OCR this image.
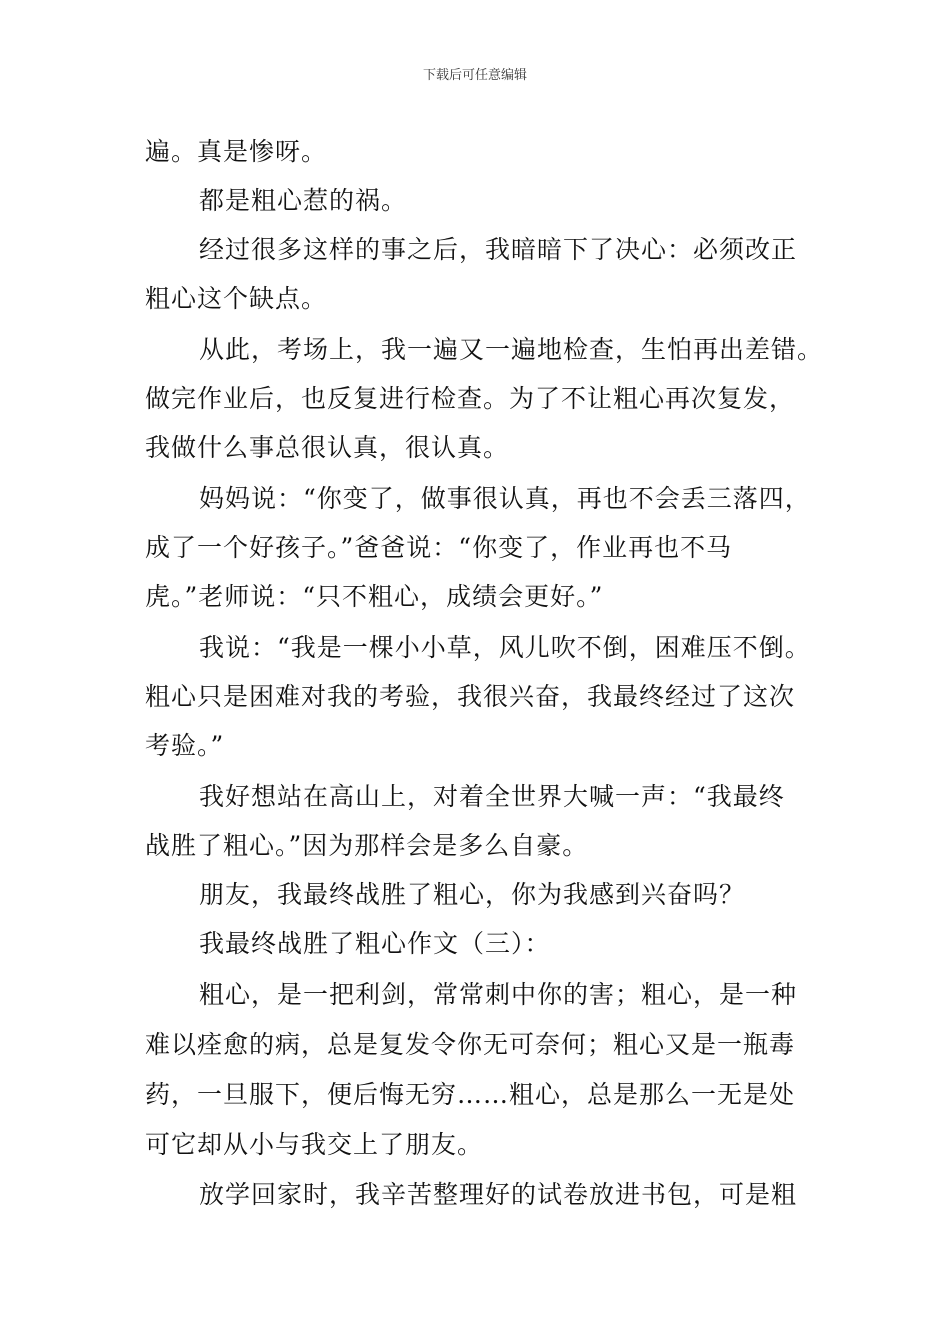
下载后可任意编辑
遍。真是惨呀。
都是粗心惹的祸。
经过很多这样的事之后，我暗暗下了决心：必须改正
粗心这个缺点。
从此，考场上，我一遍又一遍地检查，生怕再出差错。
做完作业后，也反复进行检查。为了不让粗心再次复发，
我做什么事总很认真，很认真。
妈妈说：“你变了，做事很认真，再也不会丢三落四，
成了一个好孩子。”爸爸说：“你变了，作业再也不马
虎。”老师说：“只不粗心，成绩会更好。”
我说：“我是一棵小小草，风儿吹不倒，困难压不倒。
粗心只是困难对我的考验，我很兴奋，我最终经过了这次
考验。”
我好想站在高山上，对着全世界大喊一声：“我最终
战胜了粗心。”因为那样会是多么自豪。
朋友，我最终战胜了粗心，你为我感到兴奋吗？
我最终战胜了粗心作文（三）：
粗心，是一把利剑，常常刺中你的害；粗心，是一种
难以痊愈的病，总是复发令你无可奈何；粗心又是一瓶毒
药，一旦服下，便后悔无穷……粗心，总是那么一无是处
可它却从小与我交上了朋友。
放学回家时，我辛苦整理好的试卷放进书包，可是粗
